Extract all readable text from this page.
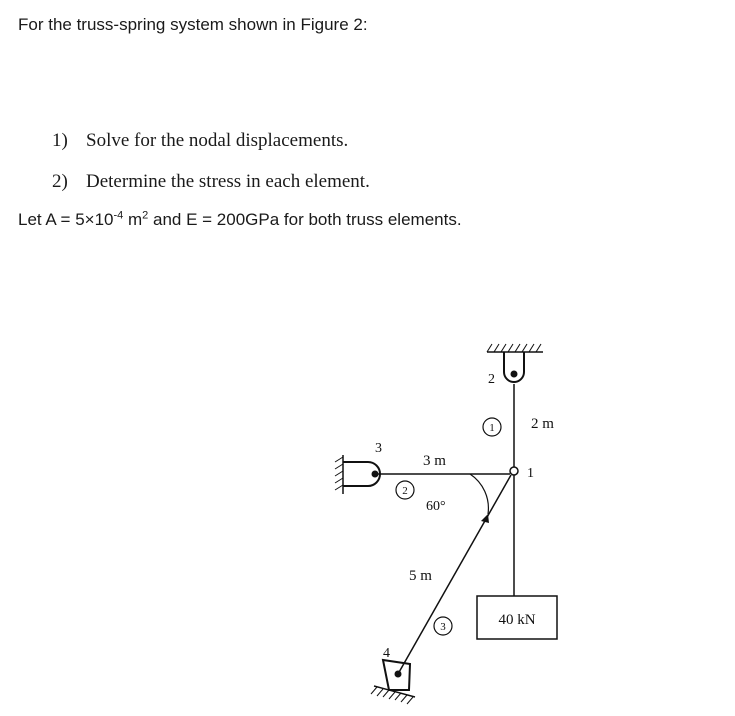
For the truss-spring system shown in Figure 2:
1) Solve for the nodal displacements.
2) Determine the stress in each element.
Let $A = 5\times 10^{-4}$ $m^2$ and E = 200GPa for both truss elements.
40 kN
1
2
3
2
1
3
4
2 m
3 m
60°
5 m
